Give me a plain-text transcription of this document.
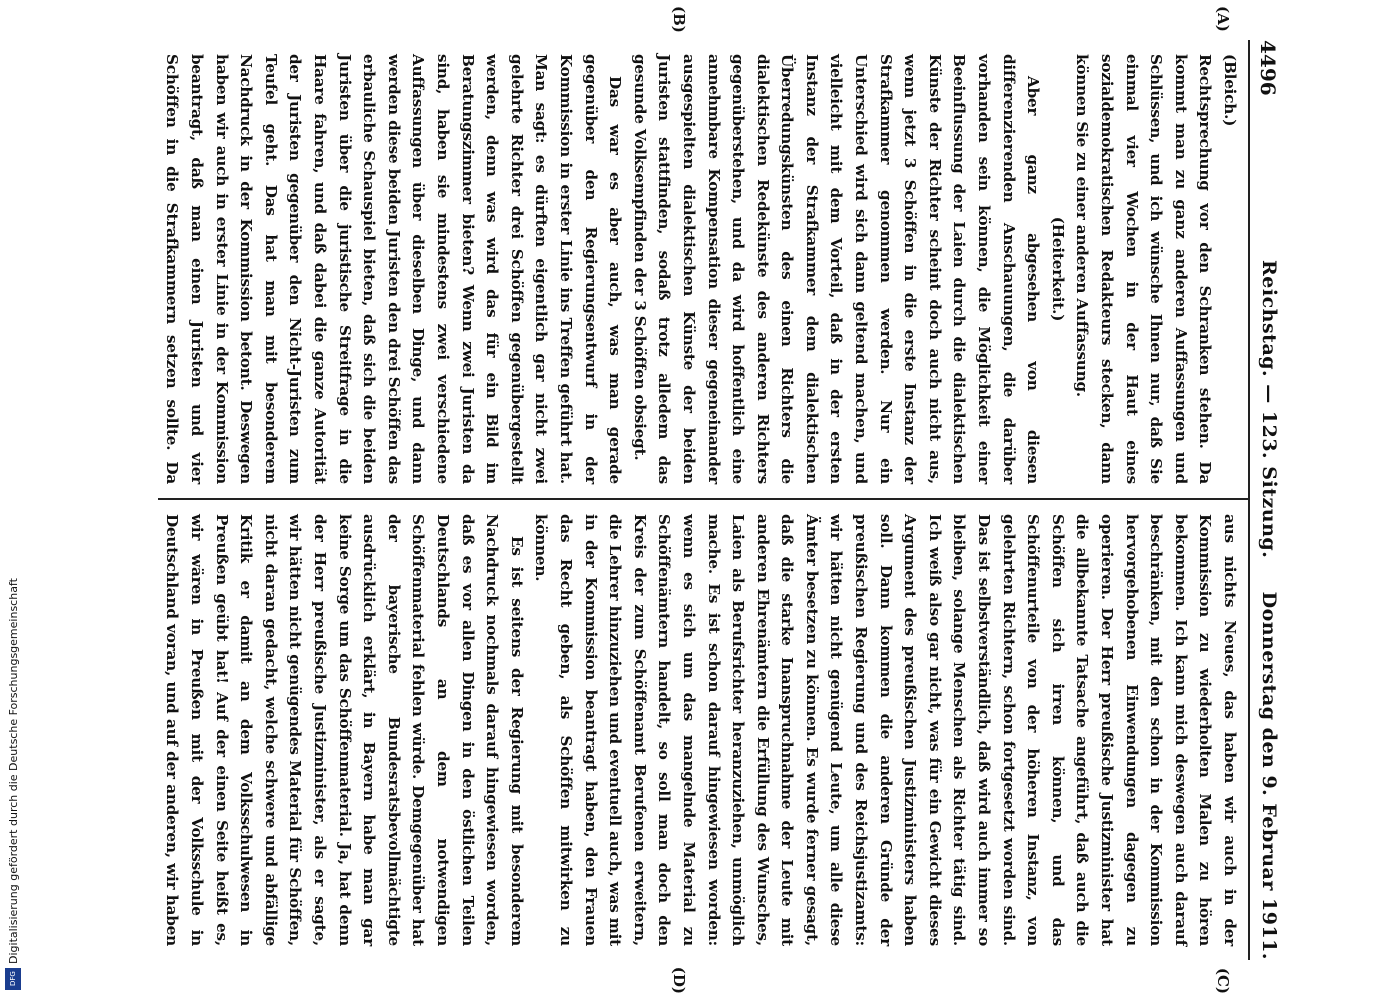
4496
Reichstag. — 123. Sitzung.
Donnerstag den 9. Februar 1911.
(A)
(B)
(C)
(D)

(Bleich.)

Rechtsprechung vor den Schranken stehen. Da kommt man zu ganz anderen Auffassungen und Schlüssen, und ich wünsche Ihnen nur, daß Sie einmal vier Wochen in der Haut eines sozialdemokratischen Redakteurs stecken, dann können Sie zu einer anderen Auffassung.

(Heiterkeit.)

Aber ganz abgesehen von diesen differenzierenden Anschauungen, die darüber vorhanden sein können, die Möglichkeit einer Beeinflussung der Laien durch die dialektischen Künste der Richter scheint doch auch nicht aus, wenn jetzt 3 Schöffen in die erste Instanz der Strafkammer genommen werden. Nur ein Unterschied wird sich dann geltend machen, und vielleicht mit dem Vorteil, daß in der ersten Instanz der Strafkammer dem dialektischen Überredungskünsten des einen Richters die dialektischen Redekünste des anderen Richters gegenüberstehen, und da wird hoffentlich eine annehmbare Kompensation dieser gegeneinander ausgespielten dialektischen Künste der beiden Juristen stattfinden, sodaß trotz alledem das gesunde Volksempfinden der 3 Schöffen obsiegt.

Das war es aber auch, was man gerade gegenüber den Regierungsentwurf in der Kommission in erster Linie ins Treffen geführt hat. Man sagt: es dürften eigentlich gar nicht zwei gelehrte Richter drei Schöffen gegenübergestellt werden, denn was wird das für ein Bild im Beratungszimmer bieten? Wenn zwei Juristen da sind, haben sie mindestens zwei verschiedene Auffassungen über dieselben Dinge, und dann werden diese beiden Juristen den drei Schöffen das erbauliche Schauspiel bieten, daß sich die beiden Juristen über die juristische Streitfrage in die Haare fahren, und daß dabei die ganze Autorität der Juristen gegenüber den Nicht-Juristen zum Teufel geht. Das hat man mit besonderem Nachdruck in der Kommission betont. Deswegen haben wir auch in erster Linie in der Kommission beantragt, daß man einen Juristen und vier Schöffen in die Strafkammern setzen sollte. Da

aus nichts Neues, das haben wir auch in der Kommission zu wiederholten Malen zu hören bekommen. Ich kann mich deswegen auch darauf beschränken, mit den schon in der Kommission hervorgehobenen Einwendungen dagegen zu operieren. Der Herr preußische Justizminister hat die allbekannte Tatsache angeführt, daß auch die Schöffen sich irren können, und das Schöffenurteile von der höheren Instanz, von gelehrten Richtern, schon fortgesetzt worden sind. Das ist selbstverständlich, daß wird auch immer so bleiben, solange Menschen als Richter tätig sind. Ich weiß also gar nicht, was für ein Gewicht dieses Argument des preußischen Justizministers haben soll. Dann kommen die anderen Gründe der preußischen Regierung und des Reichsjustizamts: wir hätten nicht genügend Leute, um alle diese Ämter besetzen zu können. Es wurde ferner gesagt, daß die starke Inanspruchnahme der Leute mit anderen Ehrenämtern die Erfüllung des Wunsches, Laien als Berufsrichter heranzuziehen, unmöglich mache. Es ist schon darauf hingewiesen worden: wenn es sich um das mangelnde Material zu Schöffenämtern handelt, so soll man doch den Kreis der zum Schöffenamt Berufenen erweitern, die Lehrer hinzuziehen und eventuell auch, was mit in der Kommission beantragt haben, den Frauen das Recht geben, als Schöffen mitwirken zu können.

Es ist seitens der Regierung mit besonderem Nachdruck nochmals darauf hingewiesen worden, daß es vor allen Dingen in den östlichen Teilen Deutschlands an dem notwendigen Schöffenmaterial fehlen würde. Demgegenüber hat der bayerische Bundesratsbevollmächtigte ausdrücklich erklärt, in Bayern habe man gar keine Sorge um das Schöffenmaterial. Ja, hat denn der Herr preußische Justizminister, als er sagte, wir hätten nicht genügendes Material für Schöffen, nicht daran gedacht, welche schwere und abfällige Kritik er damit an dem Volksschulwesen in Preußen geübt hat! Auf der einen Seite heißt es, wir wären in Preußen mit der Volksschule in Deutschland voran, und auf der anderen, wir haben

Digitalisierung gefördert durch die Deutsche Forschungsgemeinschaft
DFG
